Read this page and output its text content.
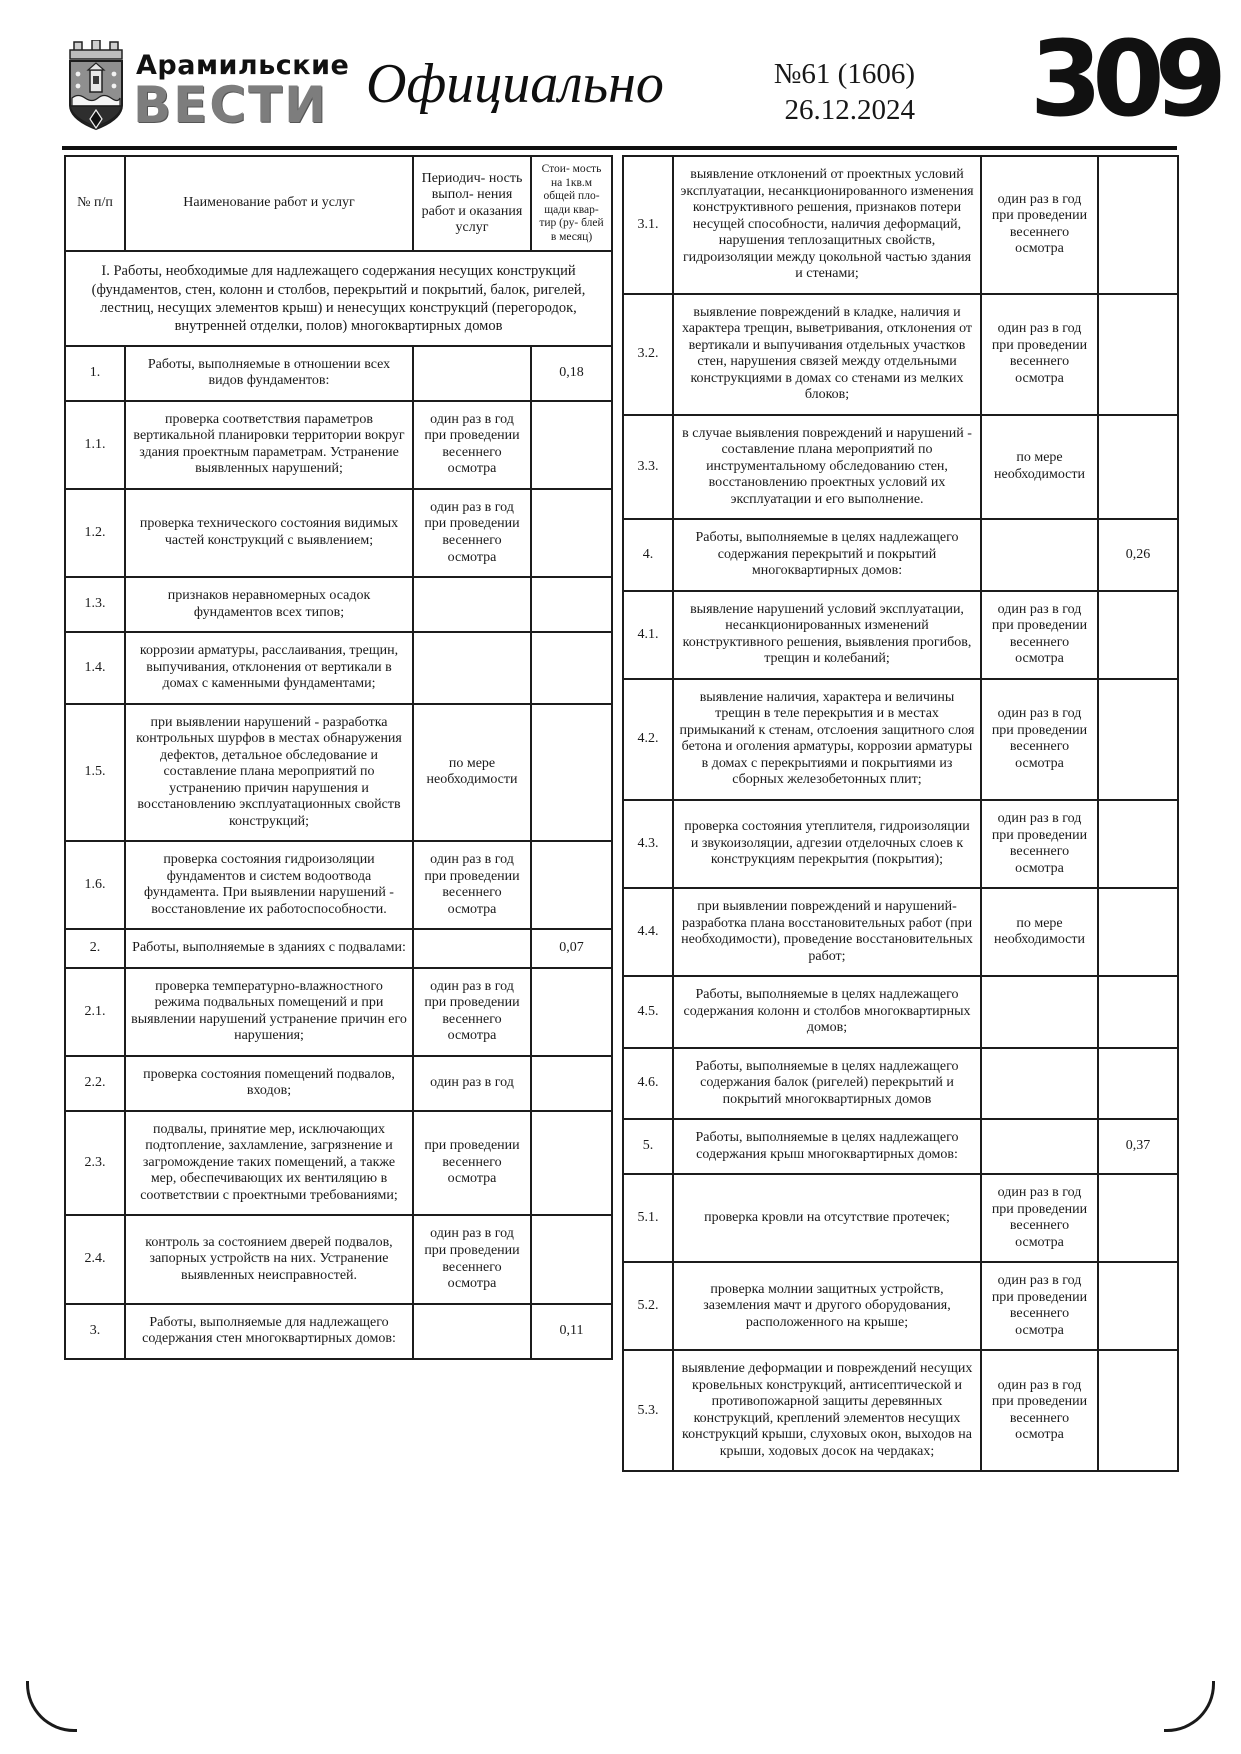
Арамильские
ВЕСТИ Официально	№61 (1606)
26.12.2024 309
№ п/п	Наименование работ и услуг	Периодич- ность выпол- нения работ и оказания услуг	Стои- мость на 1кв.м общей пло- щади квар- тир (ру- блей в месяц)
I. Работы, необходимые для надлежащего содержания несущих конструкций (фундаментов, стен, колонн и столбов, перекрытий и покрытий, балок, ригелей, лестниц, несущих элементов крыш) и ненесущих конструкций (перегородок, внутренней отделки, полов) многоквартирных домов			
1.	Работы, выполняемые в отношении всех видов фундаментов:		0,18
1.1.	проверка соответствия параметров вертикальной планировки территории вокруг здания проектным параметрам. Устранение выявленных нарушений;	один раз в год при проведении весеннего осмотра	
1.2.	проверка технического состояния видимых частей конструкций с выявлением;	один раз в год при проведении весеннего осмотра	
1.3.	признаков неравномерных осадок фундаментов всех типов;		
1.4.	коррозии арматуры, расслаивания, трещин, выпучивания, отклонения от вертикали в домах с каменными фундаментами;		
1.5.	при выявлении нарушений - разработка контрольных шурфов в местах обнаружения дефектов, детальное обследование и составление плана мероприятий по устранению причин нарушения и восстановлению эксплуатационных свойств конструкций;	по мере необходимости	
1.6.	проверка состояния гидроизоляции фундаментов и систем водоотвода фундамента. При выявлении нарушений - восстановление их работоспособности.	один раз в год при проведении весеннего осмотра	
2.	Работы, выполняемые в зданиях с подвалами:		0,07
2.1.	проверка температурно-влажностного режима подвальных помещений и при выявлении нарушений устранение причин его нарушения;	один раз в год при проведении весеннего осмотра	
2.2.	проверка состояния помещений подвалов, входов;	один раз в год	
2.3.	подвалы, принятие мер, исключающих подтопление, захламление, загрязнение и загромождение таких помещений, а также мер, обеспечивающих их вентиляцию в соответствии с проектными требованиями;	при проведении весеннего осмотра	
2.4.	контроль за состоянием дверей подвалов, запорных устройств на них. Устранение выявленных неисправностей.	один раз в год при проведении весеннего осмотра	
3.	Работы, выполняемые для надлежащего содержания стен многоквартирных домов:		0,11
3.1.	выявление отклонений от проектных условий эксплуатации, несанкционированного изменения конструктивного решения, признаков потери несущей способности, наличия деформаций, нарушения теплозащитных свойств, гидроизоляции между цокольной частью здания и стенами;	один раз в год при проведении весеннего осмотра	
3.2.	выявление повреждений в кладке, наличия и характера трещин, выветривания, отклонения от вертикали и выпучивания отдельных участков стен, нарушения связей между отдельными конструкциями в домах со стенами из мелких блоков;	один раз в год при проведении весеннего осмотра	
3.3.	в случае выявления повреждений и нарушений - составление плана мероприятий по инструментальному обследованию стен, восстановлению проектных условий их эксплуатации и его выполнение.	по мере необходимости	
4.	Работы, выполняемые в целях надлежащего содержания перекрытий и покрытий многоквартирных домов:		0,26
4.1.	выявление нарушений условий эксплуатации, несанкционированных изменений конструктивного решения, выявления прогибов, трещин и колебаний;	один раз в год при проведении весеннего осмотра	
4.2.	выявление наличия, характера и величины трещин в теле перекрытия и в местах примыканий к стенам, отслоения защитного слоя бетона и оголения арматуры, коррозии арматуры в домах с перекрытиями и покрытиями из сборных железобетонных плит;	один раз в год при проведении весеннего осмотра	
4.3.	проверка состояния утеплителя, гидроизоляции и звукоизоляции, адгезии отделочных слоев к конструкциям перекрытия (покрытия);	один раз в год при проведении весеннего осмотра	
4.4.	при выявлении повреждений и нарушений-разработка плана восстановительных работ (при необходимости), проведение восстановительных работ;	по мере необходимости	
4.5.	Работы, выполняемые в целях надлежащего содержания колонн и столбов многоквартирных домов;		
4.6.	Работы, выполняемые в целях надлежащего содержания балок (ригелей) перекрытий и покрытий многоквартирных домов		
5.	Работы, выполняемые в целях надлежащего содержания крыш многоквартирных домов:		0,37
5.1.	проверка кровли на отсутствие протечек;	один раз в год при проведении весеннего осмотра	
5.2.	проверка молнии защитных устройств, заземления мачт и другого оборудования, расположенного на крыше;	один раз в год при проведении весеннего осмотра	
5.3.	выявление деформации и повреждений несущих кровельных конструкций, антисептической и противопожарной защиты деревянных конструкций, креплений элементов несущих конструкций крыши, слуховых окон, выходов на крыши, ходовых досок на чердаках;	один раз в год при проведении весеннего осмотра	
